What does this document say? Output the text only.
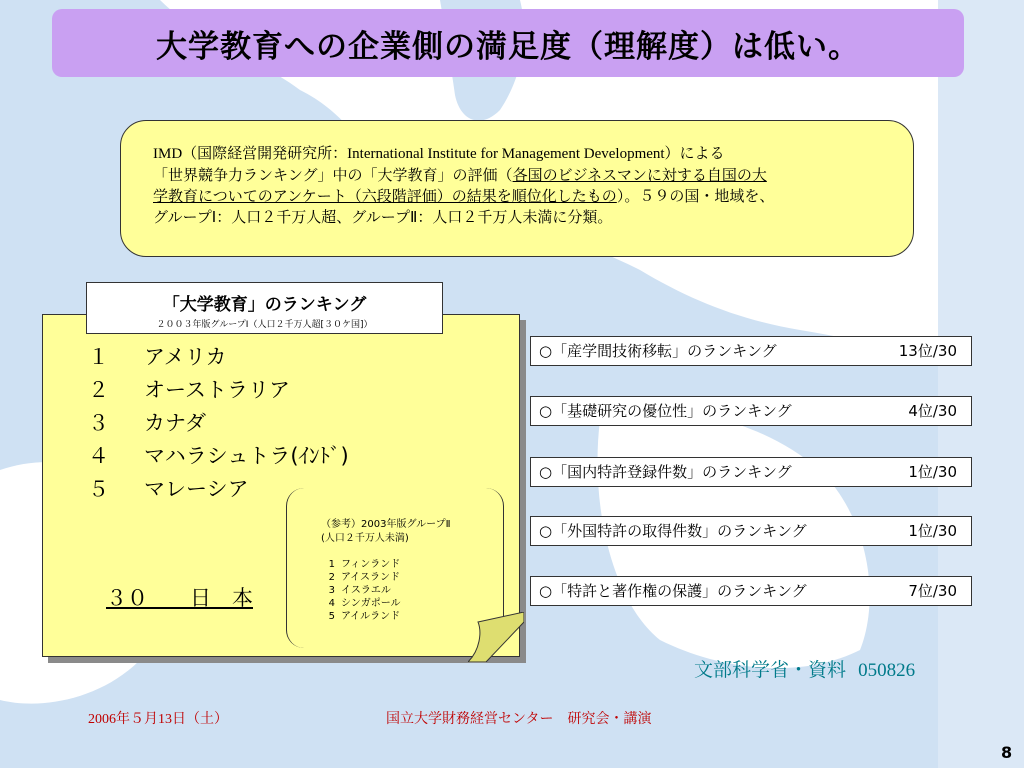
大学教育への企業側の満足度（理解度）は低い。
IMD（国際経営開発研究所：International Institute for Management Development）による
「世界競争力ランキング」中の「大学教育」の評価（各国のビジネスマンに対する自国の大
学教育についてのアンケート（六段階評価）の結果を順位化したもの）。５９の国・地域を、
グループⅠ：人口２千万人超、グループⅡ：人口２千万人未満に分類。
「大学教育」のランキング
２００３年版グループⅠ（人口２千万人超[３０ケ国]）
１	アメリカ
２	オーストラリア
３	カナダ
４	マハラシュトラ(ｲﾝﾄﾞ)
５	マレーシア
３０　　日　本
（参考）2003年版グループⅡ
(人口２千万人未満)
1 フィンランド
2 アイスランド
3 イスラエル
4 シンガポール
5 アイルランド
○「産学間技術移転」のランキング	13位/30
○「基礎研究の優位性」のランキング	4位/30
○「国内特許登録件数」のランキング	1位/30
○「外国特許の取得件数」のランキング	1位/30
○「特許と著作権の保護」のランキング	7位/30
文部科学省・資料 050826
2006年５月13日（土）	国立大学財務経営センター　研究会・講演
8
